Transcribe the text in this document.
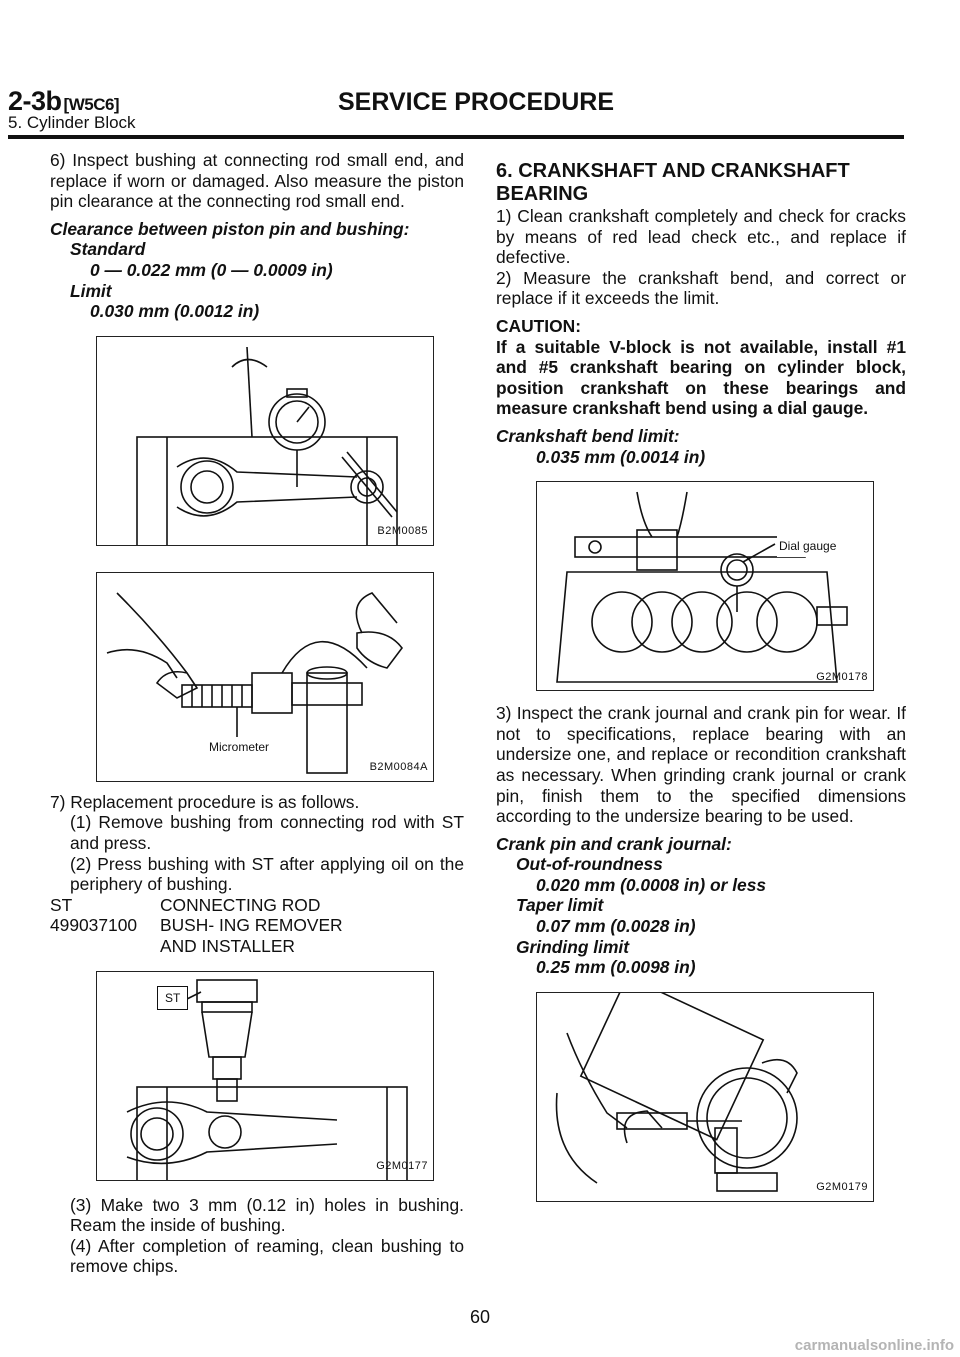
2-3b [W5C6]	SERVICE PROCEDURE
5. Cylinder Block

6) Inspect bushing at connecting rod small end, and replace if worn or damaged. Also measure the piston pin clearance at the connecting rod small end.

Clearance between piston pin and bushing:

Standard

0 — 0.022 mm (0 — 0.0009 in)

Limit

0.030 mm (0.0012 in)

B2M0085
Micrometer
B2M0084A

7) Replacement procedure is as follows.

(1) Remove bushing from connecting rod with ST and press.

(2) Press bushing with ST after applying oil on the periphery of bushing.

ST 499037100
CONNECTING ROD BUSH- ING REMOVER AND INSTALLER
ST
G2M0177

(3) Make two 3 mm (0.12 in) holes in bushing. Ream the inside of bushing.

(4) After completion of reaming, clean bushing to remove chips.

6. CRANKSHAFT AND CRANKSHAFT BEARING

1) Clean crankshaft completely and check for cracks by means of red lead check etc., and replace if defective.

2) Measure the crankshaft bend, and correct or replace if it exceeds the limit.

CAUTION:

If a suitable V-block is not available, install #1 and #5 crankshaft bearing on cylinder block, position crankshaft on these bearings and measure crankshaft bend using a dial gauge.

Crankshaft bend limit:

0.035 mm (0.0014 in)

Dial gauge
G2M0178

3) Inspect the crank journal and crank pin for wear. If not to specifications, replace bearing with an undersize one, and replace or recondition crankshaft as necessary. When grinding crank journal or crank pin, finish them to the specified dimensions according to the undersize bearing to be used.

Crank pin and crank journal:

Out-of-roundness

0.020 mm (0.0008 in) or less

Taper limit

0.07 mm (0.0028 in)

Grinding limit

0.25 mm (0.0098 in)

G2M0179
60
carmanualsonline.info
